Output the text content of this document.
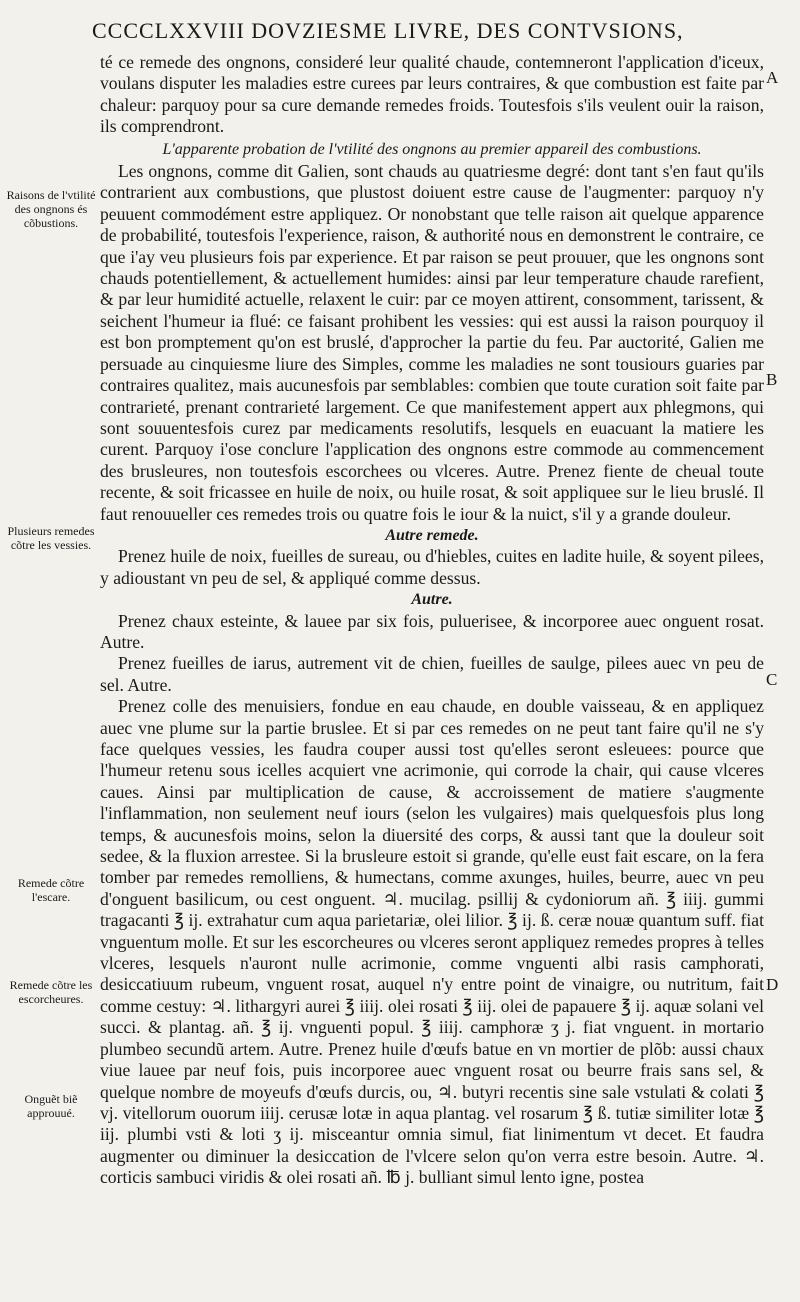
CCCCLXXVIII DOVZIESME LIVRE, DES CONTVSIONS,
Raisons de l'vtilité des ongnons és cõbustions.
Plusieurs remedes cõtre les vessies.
Remede cõtre l'escare.
Remede cõtre les escorcheures.
Onguẽt biẽ approuué.
A
B
C
D

té ce remede des ongnons, consideré leur qualité chaude, contemneront l'application d'iceux, voulans disputer les maladies estre curees par leurs contraires, & que combustion est faite par chaleur: parquoy pour sa cure demande remedes froids. Toutesfois s'ils veulent ouir la raison, ils comprendront.

L'apparente probation de l'vtilité des ongnons au premier appareil des combustions.

Les ongnons, comme dit Galien, sont chauds au quatriesme degré: dont tant s'en faut qu'ils contrarient aux combustions, que plustost doiuent estre cause de l'augmenter: parquoy n'y peuuent commodément estre appliquez. Or nonobstant que telle raison ait quelque apparence de probabilité, toutesfois l'experience, raison, & authorité nous en demonstrent le contraire, ce que i'ay veu plusieurs fois par experience. Et par raison se peut prouuer, que les ongnons sont chauds potentiellement, & actuellement humides: ainsi par leur temperature chaude rarefient, & par leur humidité actuelle, relaxent le cuir: par ce moyen attirent, consomment, tarissent, & seichent l'humeur ia flué: ce faisant prohibent les vessies: qui est aussi la raison pourquoy il est bon promptement qu'on est bruslé, d'approcher la partie du feu. Par auctorité, Galien me persuade au cinquiesme liure des Simples, comme les maladies ne sont tousiours guaries par contraires qualitez, mais aucunesfois par semblables: combien que toute curation soit faite par contrarieté, prenant contrarieté largement. Ce que manifestement appert aux phlegmons, qui sont souuentesfois curez par medicaments resolutifs, lesquels en euacuant la matiere les curent. Parquoy i'ose conclure l'application des ongnons estre commode au commencement des brusleures, non toutesfois escorchees ou vlceres. Autre. Prenez fiente de cheual toute recente, & soit fricassee en huile de noix, ou huile rosat, & soit appliquee sur le lieu bruslé. Il faut renouueller ces remedes trois ou quatre fois le iour & la nuict, s'il y a grande douleur.

Autre remede.

Prenez huile de noix, fueilles de sureau, ou d'hiebles, cuites en ladite huile, & soyent pilees, y adioustant vn peu de sel, & appliqué comme dessus.

Autre.

Prenez chaux esteinte, & lauee par six fois, puluerisee, & incorporee auec onguent rosat. Autre.

Prenez fueilles de iarus, autrement vit de chien, fueilles de saulge, pilees auec vn peu de sel. Autre.

Prenez colle des menuisiers, fondue en eau chaude, en double vaisseau, & en appliquez auec vne plume sur la partie bruslee. Et si par ces remedes on ne peut tant faire qu'il ne s'y face quelques vessies, les faudra couper aussi tost qu'elles seront esleuees: pource que l'humeur retenu sous icelles acquiert vne acrimonie, qui corrode la chair, qui cause vlceres caues. Ainsi par multiplication de cause, & accroissement de matiere s'augmente l'inflammation, non seulement neuf iours (selon les vulgaires) mais quelquesfois plus long temps, & aucunesfois moins, selon la diuersité des corps, & aussi tant que la douleur soit sedee, & la fluxion arrestee. Si la brusleure estoit si grande, qu'elle eust fait escare, on la fera tomber par remedes remolliens, & humectans, comme axunges, huiles, beurre, auec vn peu d'onguent basilicum, ou cest onguent. ♃. mucilag. psillij & cydoniorum añ. ℥ iiij. gummi tragacanti ℥ ij. extrahatur cum aqua parietariæ, olei lilior. ℥ ij. ß. ceræ nouæ quantum suff. fiat vnguentum molle. Et sur les escorcheures ou vlceres seront appliquez remedes propres à telles vlceres, lesquels n'auront nulle acrimonie, comme vnguenti albi rasis camphorati, desiccatiuum rubeum, vnguent rosat, auquel n'y entre point de vinaigre, ou nutritum, fait comme cestuy: ♃. lithargyri aurei ℥ iiij. olei rosati ℥ iij. olei de papauere ℥ ij. aquæ solani vel succi. & plantag. añ. ℥ ij. vnguenti popul. ℥ iiij. camphoræ ʒ j. fiat vnguent. in mortario plumbeo secundũ artem. Autre. Prenez huile d'œufs batue en vn mortier de plõb: aussi chaux viue lauee par neuf fois, puis incorporee auec vnguent rosat ou beurre frais sans sel, & quelque nombre de moyeufs d'œufs durcis, ou, ♃. butyri recentis sine sale vstulati & colati ℥ vj. vitellorum ouorum iiij. cerusæ lotæ in aqua plantag. vel rosarum ℥ ß. tutiæ similiter lotæ ℥ iij. plumbi vsti & loti ʒ ij. misceantur omnia simul, fiat linimentum vt decet. Et faudra augmenter ou diminuer la desiccation de l'vlcere selon qu'on verra estre besoin. Autre. ♃. corticis sambuci viridis & olei rosati añ. ℔ j. bulliant simul lento igne, postea
